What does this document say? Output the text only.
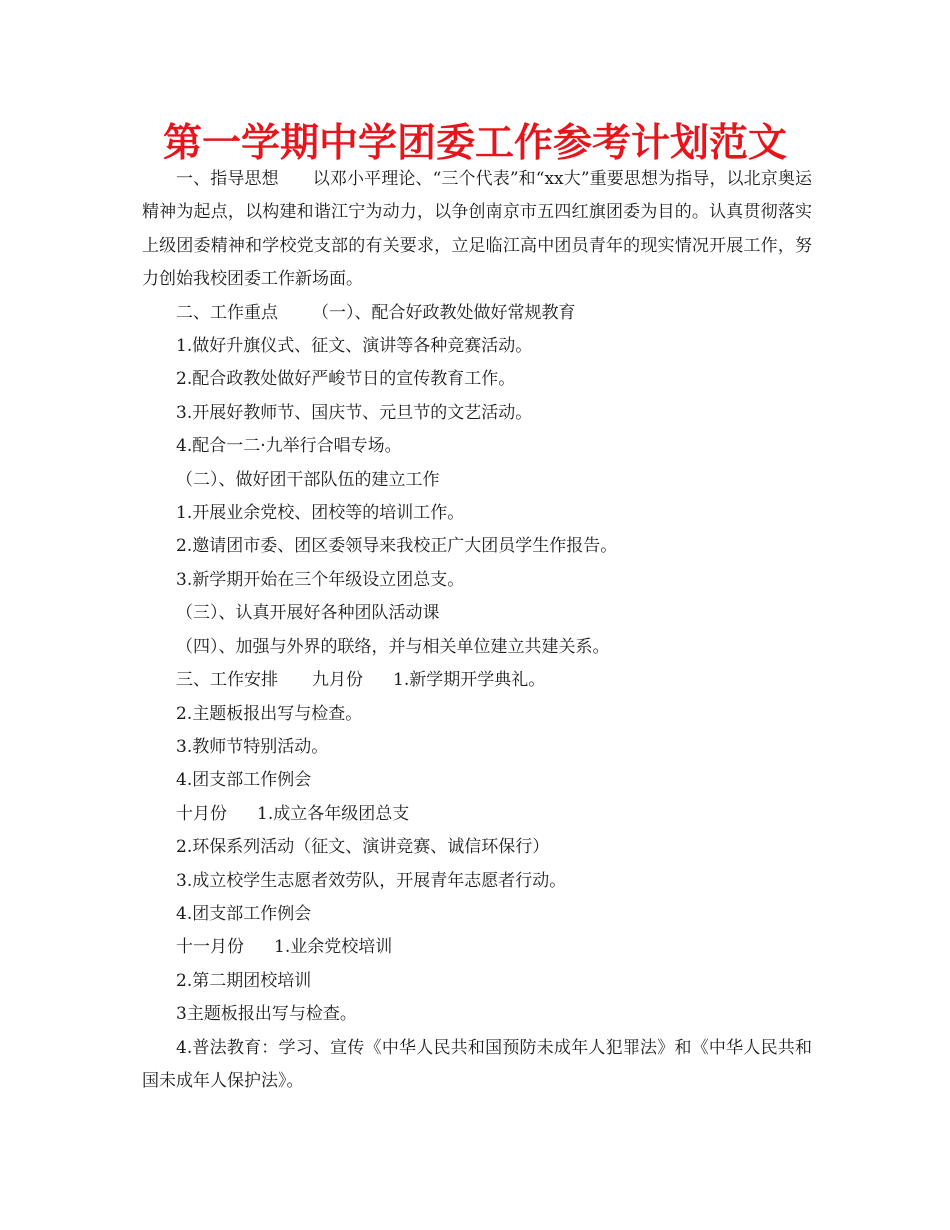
第一学期中学团委工作参考计划范文

一、指导思想 以邓小平理论、“三个代表”和“xx大”重要思想为指导，以北京奥运精神为起点，以构建和谐江宁为动力，以争创南京市五四红旗团委为目的。认真贯彻落实上级团委精神和学校党支部的有关要求，立足临江高中团员青年的现实情况开展工作，努力创始我校团委工作新场面。

二、工作重点 （一）、配合好政教处做好常规教育

1.做好升旗仪式、征文、演讲等各种竞赛活动。

2.配合政教处做好严峻节日的宣传教育工作。

3.开展好教师节、国庆节、元旦节的文艺活动。

4.配合一二·九举行合唱专场。

（二）、做好团干部队伍的建立工作

1.开展业余党校、团校等的培训工作。

2.邀请团市委、团区委领导来我校正广大团员学生作报告。

3.新学期开始在三个年级设立团总支。

（三）、认真开展好各种团队活动课

（四）、加强与外界的联络，并与相关单位建立共建关系。

三、工作安排 九月份 1.新学期开学典礼。

2.主题板报出写与检查。

3.教师节特别活动。

4.团支部工作例会

十月份 1.成立各年级团总支

2.环保系列活动（征文、演讲竞赛、诚信环保行）

3.成立校学生志愿者效劳队，开展青年志愿者行动。

4.团支部工作例会

十一月份 1.业余党校培训

2.第二期团校培训

3主题板报出写与检查。

4.普法教育：学习、宣传《中华人民共和国预防未成年人犯罪法》和《中华人民共和国未成年人保护法》。
